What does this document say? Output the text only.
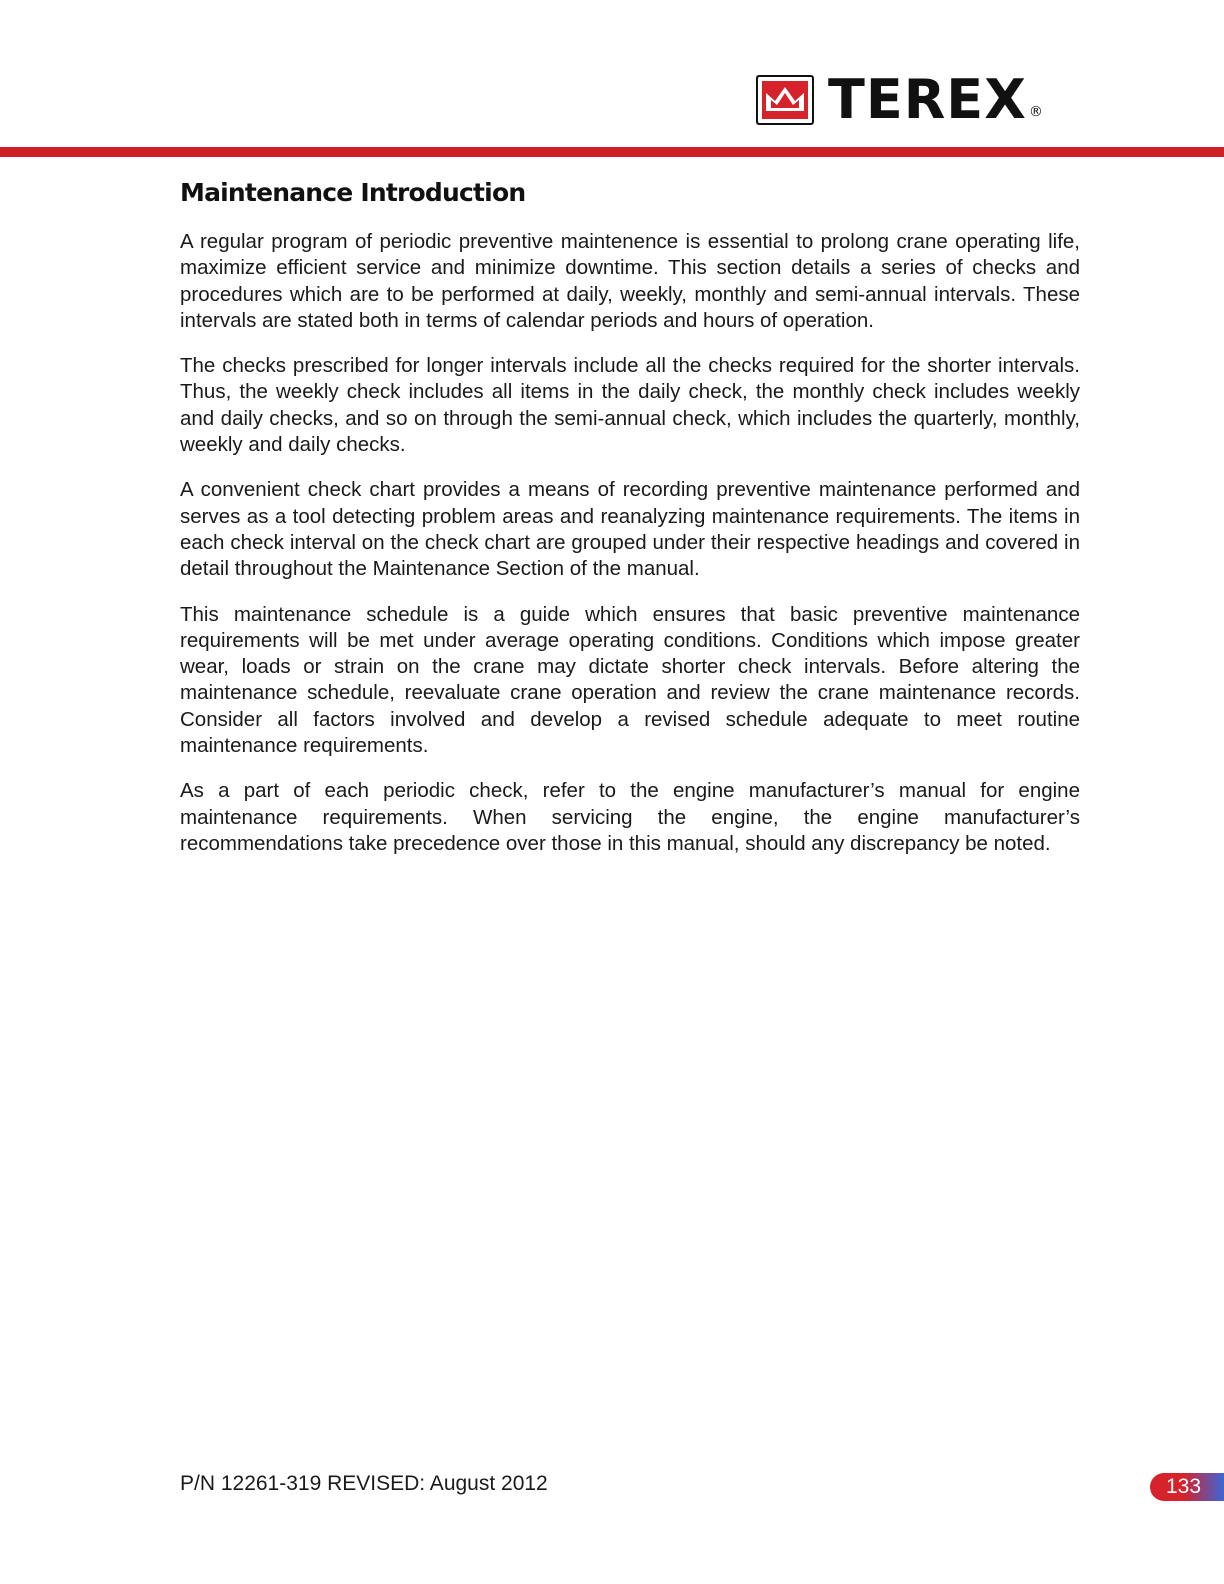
TEREX ®
Maintenance Introduction

A regular program of periodic preventive maintenence is essential to prolong crane operating life, maximize efficient service and minimize downtime. This section details a series of checks and procedures which are to be performed at daily, weekly, monthly and semi-annual intervals. These intervals are stated both in terms of calendar periods and hours of operation.

The checks prescribed for longer intervals include all the checks required for the shorter intervals. Thus, the weekly check includes all items in the daily check, the monthly check includes weekly and daily checks, and so on through the semi-annual check, which includes the quarterly, monthly, weekly and daily checks.

A convenient check chart provides a means of recording preventive maintenance performed and serves as a tool detecting problem areas and reanalyzing maintenance requirements. The items in each check interval on the check chart are grouped under their respective headings and covered in detail throughout the Maintenance Section of the manual.

This maintenance schedule is a guide which ensures that basic preventive maintenance requirements will be met under average operating conditions. Conditions which impose greater wear, loads or strain on the crane may dictate shorter check intervals. Before altering the maintenance schedule, reevaluate crane operation and review the crane maintenance records. Consider all factors involved and develop a revised schedule adequate to meet routine maintenance requirements.

As a part of each periodic check, refer to the engine manufacturer’s manual for engine maintenance requirements. When servicing the engine, the engine manufacturer’s recommendations take precedence over those in this manual, should any discrepancy be noted.

P/N 12261-319 REVISED: August 2012	133
